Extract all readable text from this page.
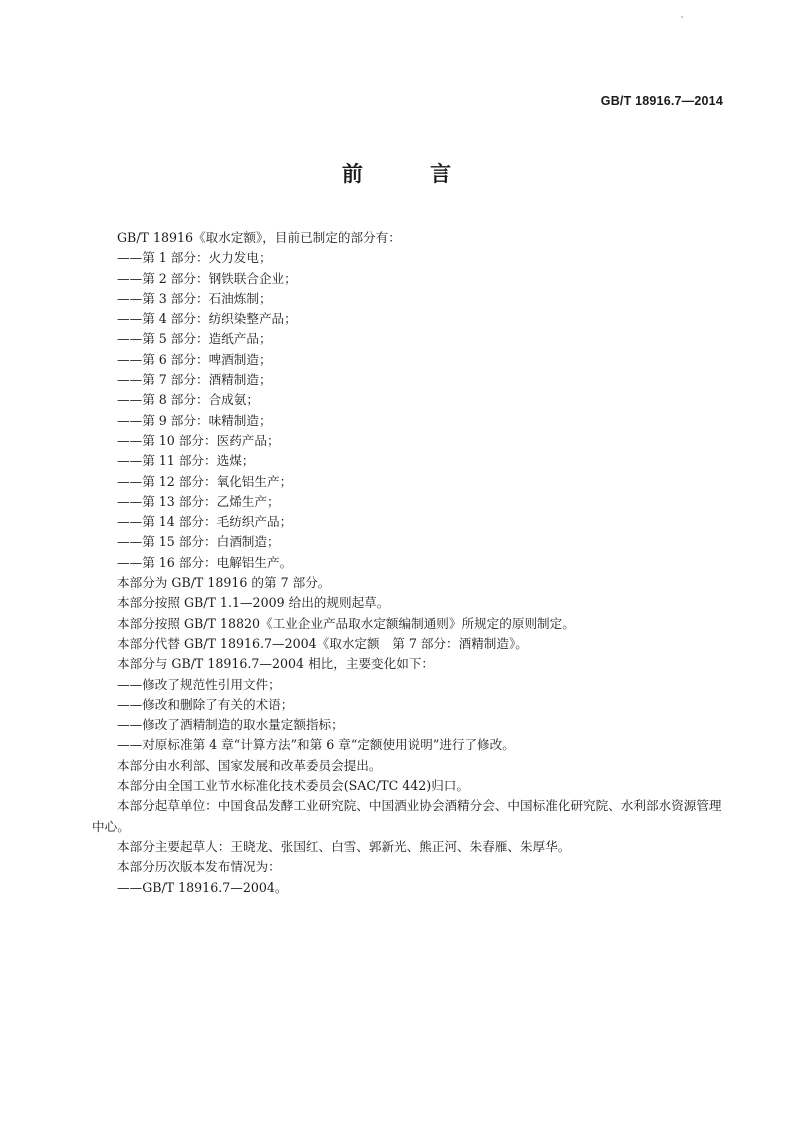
GB/T 18916.7—2014
前 言
GB/T 18916《取水定额》，目前已制定的部分有：
——第 1 部分：火力发电；
——第 2 部分：钢铁联合企业；
——第 3 部分：石油炼制；
——第 4 部分：纺织染整产品；
——第 5 部分：造纸产品；
——第 6 部分：啤酒制造；
——第 7 部分：酒精制造；
——第 8 部分：合成氨；
——第 9 部分：味精制造；
——第 10 部分：医药产品；
——第 11 部分：选煤；
——第 12 部分：氧化铝生产；
——第 13 部分：乙烯生产；
——第 14 部分：毛纺织产品；
——第 15 部分：白酒制造；
——第 16 部分：电解铝生产。
本部分为 GB/T 18916 的第 7 部分。
本部分按照 GB/T 1.1—2009 给出的规则起草。
本部分按照 GB/T 18820《工业企业产品取水定额编制通则》所规定的原则制定。
本部分代替 GB/T 18916.7—2004《取水定额　第 7 部分：酒精制造》。
本部分与 GB/T 18916.7—2004 相比，主要变化如下：
——修改了规范性引用文件；
——修改和删除了有关的术语；
——修改了酒精制造的取水量定额指标；
——对原标准第 4 章“计算方法”和第 6 章“定额使用说明”进行了修改。
本部分由水利部、国家发展和改革委员会提出。
本部分由全国工业节水标准化技术委员会(SAC/TC 442)归口。
本部分起草单位：中国食品发酵工业研究院、中国酒业协会酒精分会、中国标准化研究院、水利部水资源管理中心。
本部分主要起草人：王晓龙、张国红、白雪、郭新光、熊正河、朱春雁、朱厚华。
本部分历次版本发布情况为：
——GB/T 18916.7—2004。
